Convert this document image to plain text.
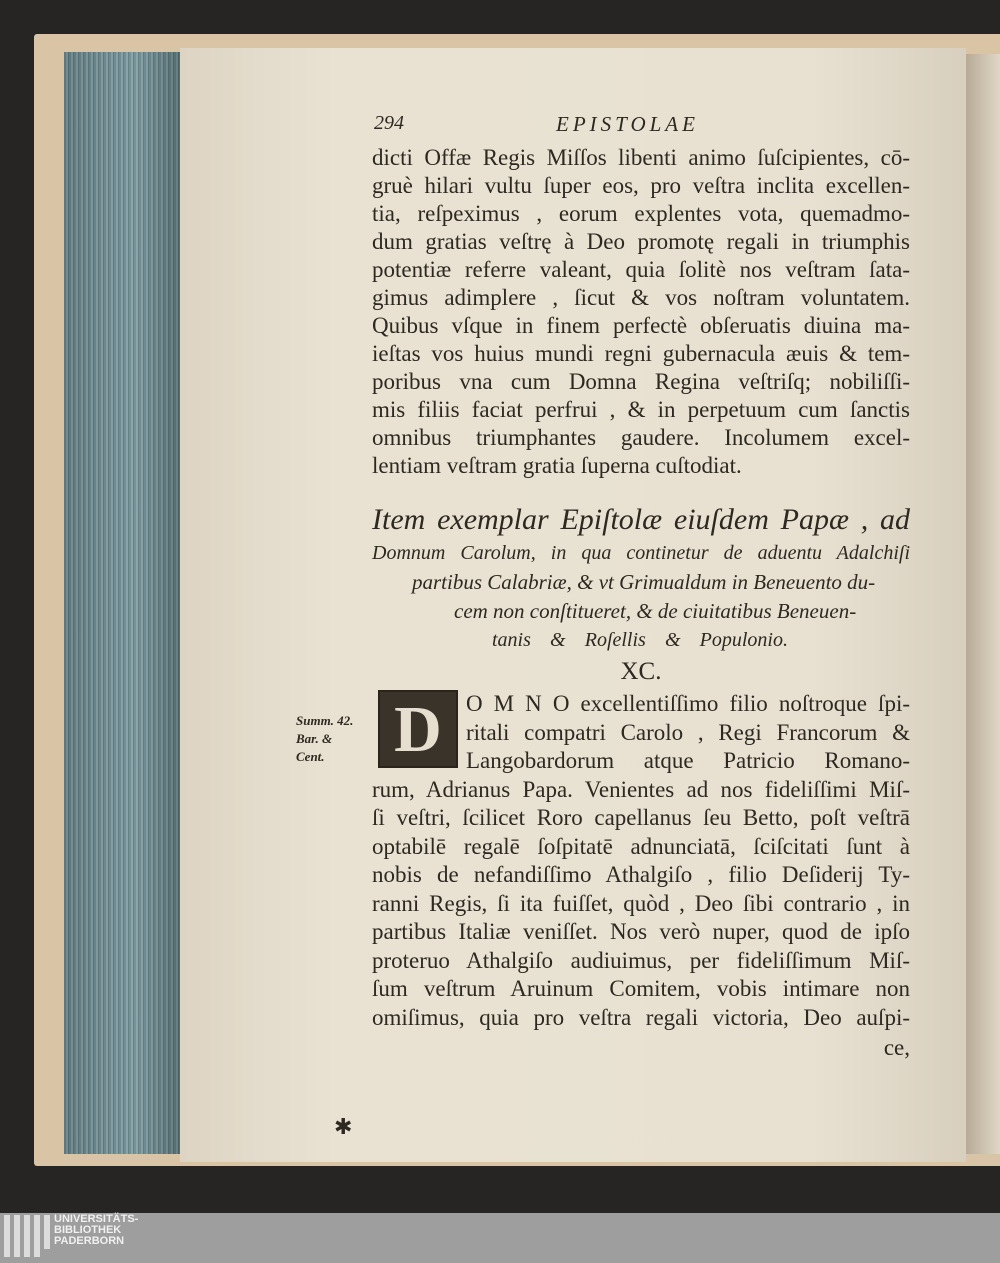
294	EPISTOLAE
dicti Offæ Regis Miſſos libenti animo ſuſcipientes, cō-
gruè hilari vultu ſuper eos, pro veſtra inclita excellen-
tia, reſpeximus , eorum explentes vota, quemadmo-
dum gratias veſtrę à Deo promotę regali in triumphis
potentiæ referre valeant, quia ſolitè nos veſtram ſata-
gimus adimplere , ſicut & vos noſtram voluntatem.
Quibus vſque in finem perfectè obſeruatis diuina ma-
ieſtas vos huius mundi regni gubernacula æuis & tem-
poribus vna cum Domna Regina veſtriſq; nobiliſſi-
mis filiis faciat perfrui , & in perpetuum cum ſanctis
omnibus triumphantes gaudere. Incolumem excel-
lentiam veſtram gratia ſuperna cuſtodiat.
Item exemplar Epiſtolæ eiuſdem Papæ , ad
Domnum Carolum, in qua continetur de aduentu Adalchiſi
partibus Calabriæ, & vt Grimualdum in Beneuento du-
cem non conſtitueret, & de ciuitatibus Beneuen-
tanis & Roſellis & Populonio.
XC.
D	O M N O excellentiſſimo filio noſtroque ſpi-
ritali compatri Carolo , Regi Francorum &
Langobardorum atque Patricio Romano-
rum, Adrianus Papa. Venientes ad nos fideliſſimi Miſ-
ſi veſtri, ſcilicet Roro capellanus ſeu Betto, poſt veſtrā
optabilē regalē ſoſpitatē adnunciatā, ſciſcitati ſunt à
nobis de nefandiſſimo Athalgiſo , filio Deſiderij Ty-
ranni Regis, ſi ita fuiſſet, quòd , Deo ſibi contrario , in
partibus Italiæ veniſſet. Nos verò nuper, quod de ipſo
proteruo Athalgiſo audiuimus, per fideliſſimum Miſ-
ſum veſtrum Aruinum Comitem, vobis intimare non
omiſimus, quia pro veſtra regali victoria, Deo auſpi-
ce,
Summ. 42.
Bar. &
Cent.
✱
UNIVERSITÄTS-
BIBLIOTHEK
PADERBORN
